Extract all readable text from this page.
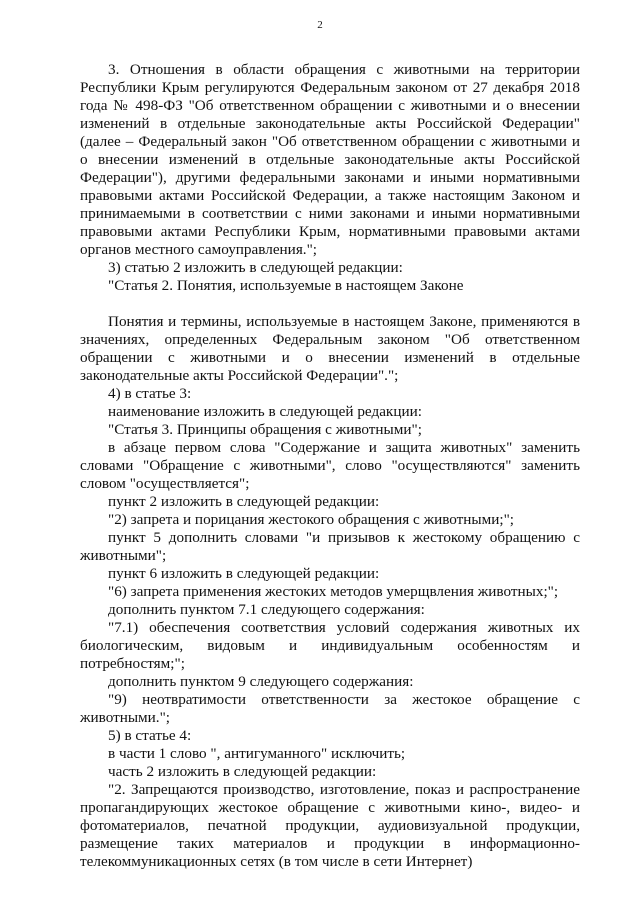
2

3. Отношения в области обращения с животными на территории Республики Крым регулируются Федеральным законом от 27 декабря 2018 года № 498-ФЗ "Об ответственном обращении с животными и о внесении изменений в отдельные законодательные акты Российской Федерации" (далее – Федеральный закон "Об ответственном обращении с животными и о внесении изменений в отдельные законодательные акты Российской Федерации"), другими федеральными законами и иными нормативными правовыми актами Российской Федерации, а также настоящим Законом и принимаемыми в соответствии с ними законами и иными нормативными правовыми актами Республики Крым, нормативными правовыми актами органов местного самоуправления.";

3) статью 2 изложить в следующей редакции:

"Статья 2. Понятия, используемые в настоящем Законе

Понятия и термины, используемые в настоящем Законе, применяются в значениях, определенных Федеральным законом "Об ответственном обращении с животными и о внесении изменений в отдельные законодательные акты Российской Федерации".";

4) в статье 3:

наименование изложить в следующей редакции:

"Статья 3. Принципы обращения с животными";

в абзаце первом слова "Содержание и защита животных" заменить словами "Обращение с животными", слово "осуществляются" заменить словом "осуществляется";

пункт 2 изложить в следующей редакции:

"2) запрета и порицания жестокого обращения с животными;";

пункт 5 дополнить словами "и призывов к жестокому обращению с животными";

пункт 6 изложить в следующей редакции:

"6) запрета применения жестоких методов умерщвления животных;";

дополнить пунктом 7.1 следующего содержания:

"7.1) обеспечения соответствия условий содержания животных их биологическим, видовым и индивидуальным особенностям и потребностям;";

дополнить пунктом 9 следующего содержания:

"9) неотвратимости ответственности за жестокое обращение с животными.";

5) в статье 4:

в части 1 слово ", антигуманного" исключить;

часть 2 изложить в следующей редакции:

"2. Запрещаются производство, изготовление, показ и распространение пропагандирующих жестокое обращение с животными кино-, видео- и фотоматериалов, печатной продукции, аудиовизуальной продукции, размещение таких материалов и продукции в информационно-телекоммуникационных сетях (в том числе в сети Интернет)
